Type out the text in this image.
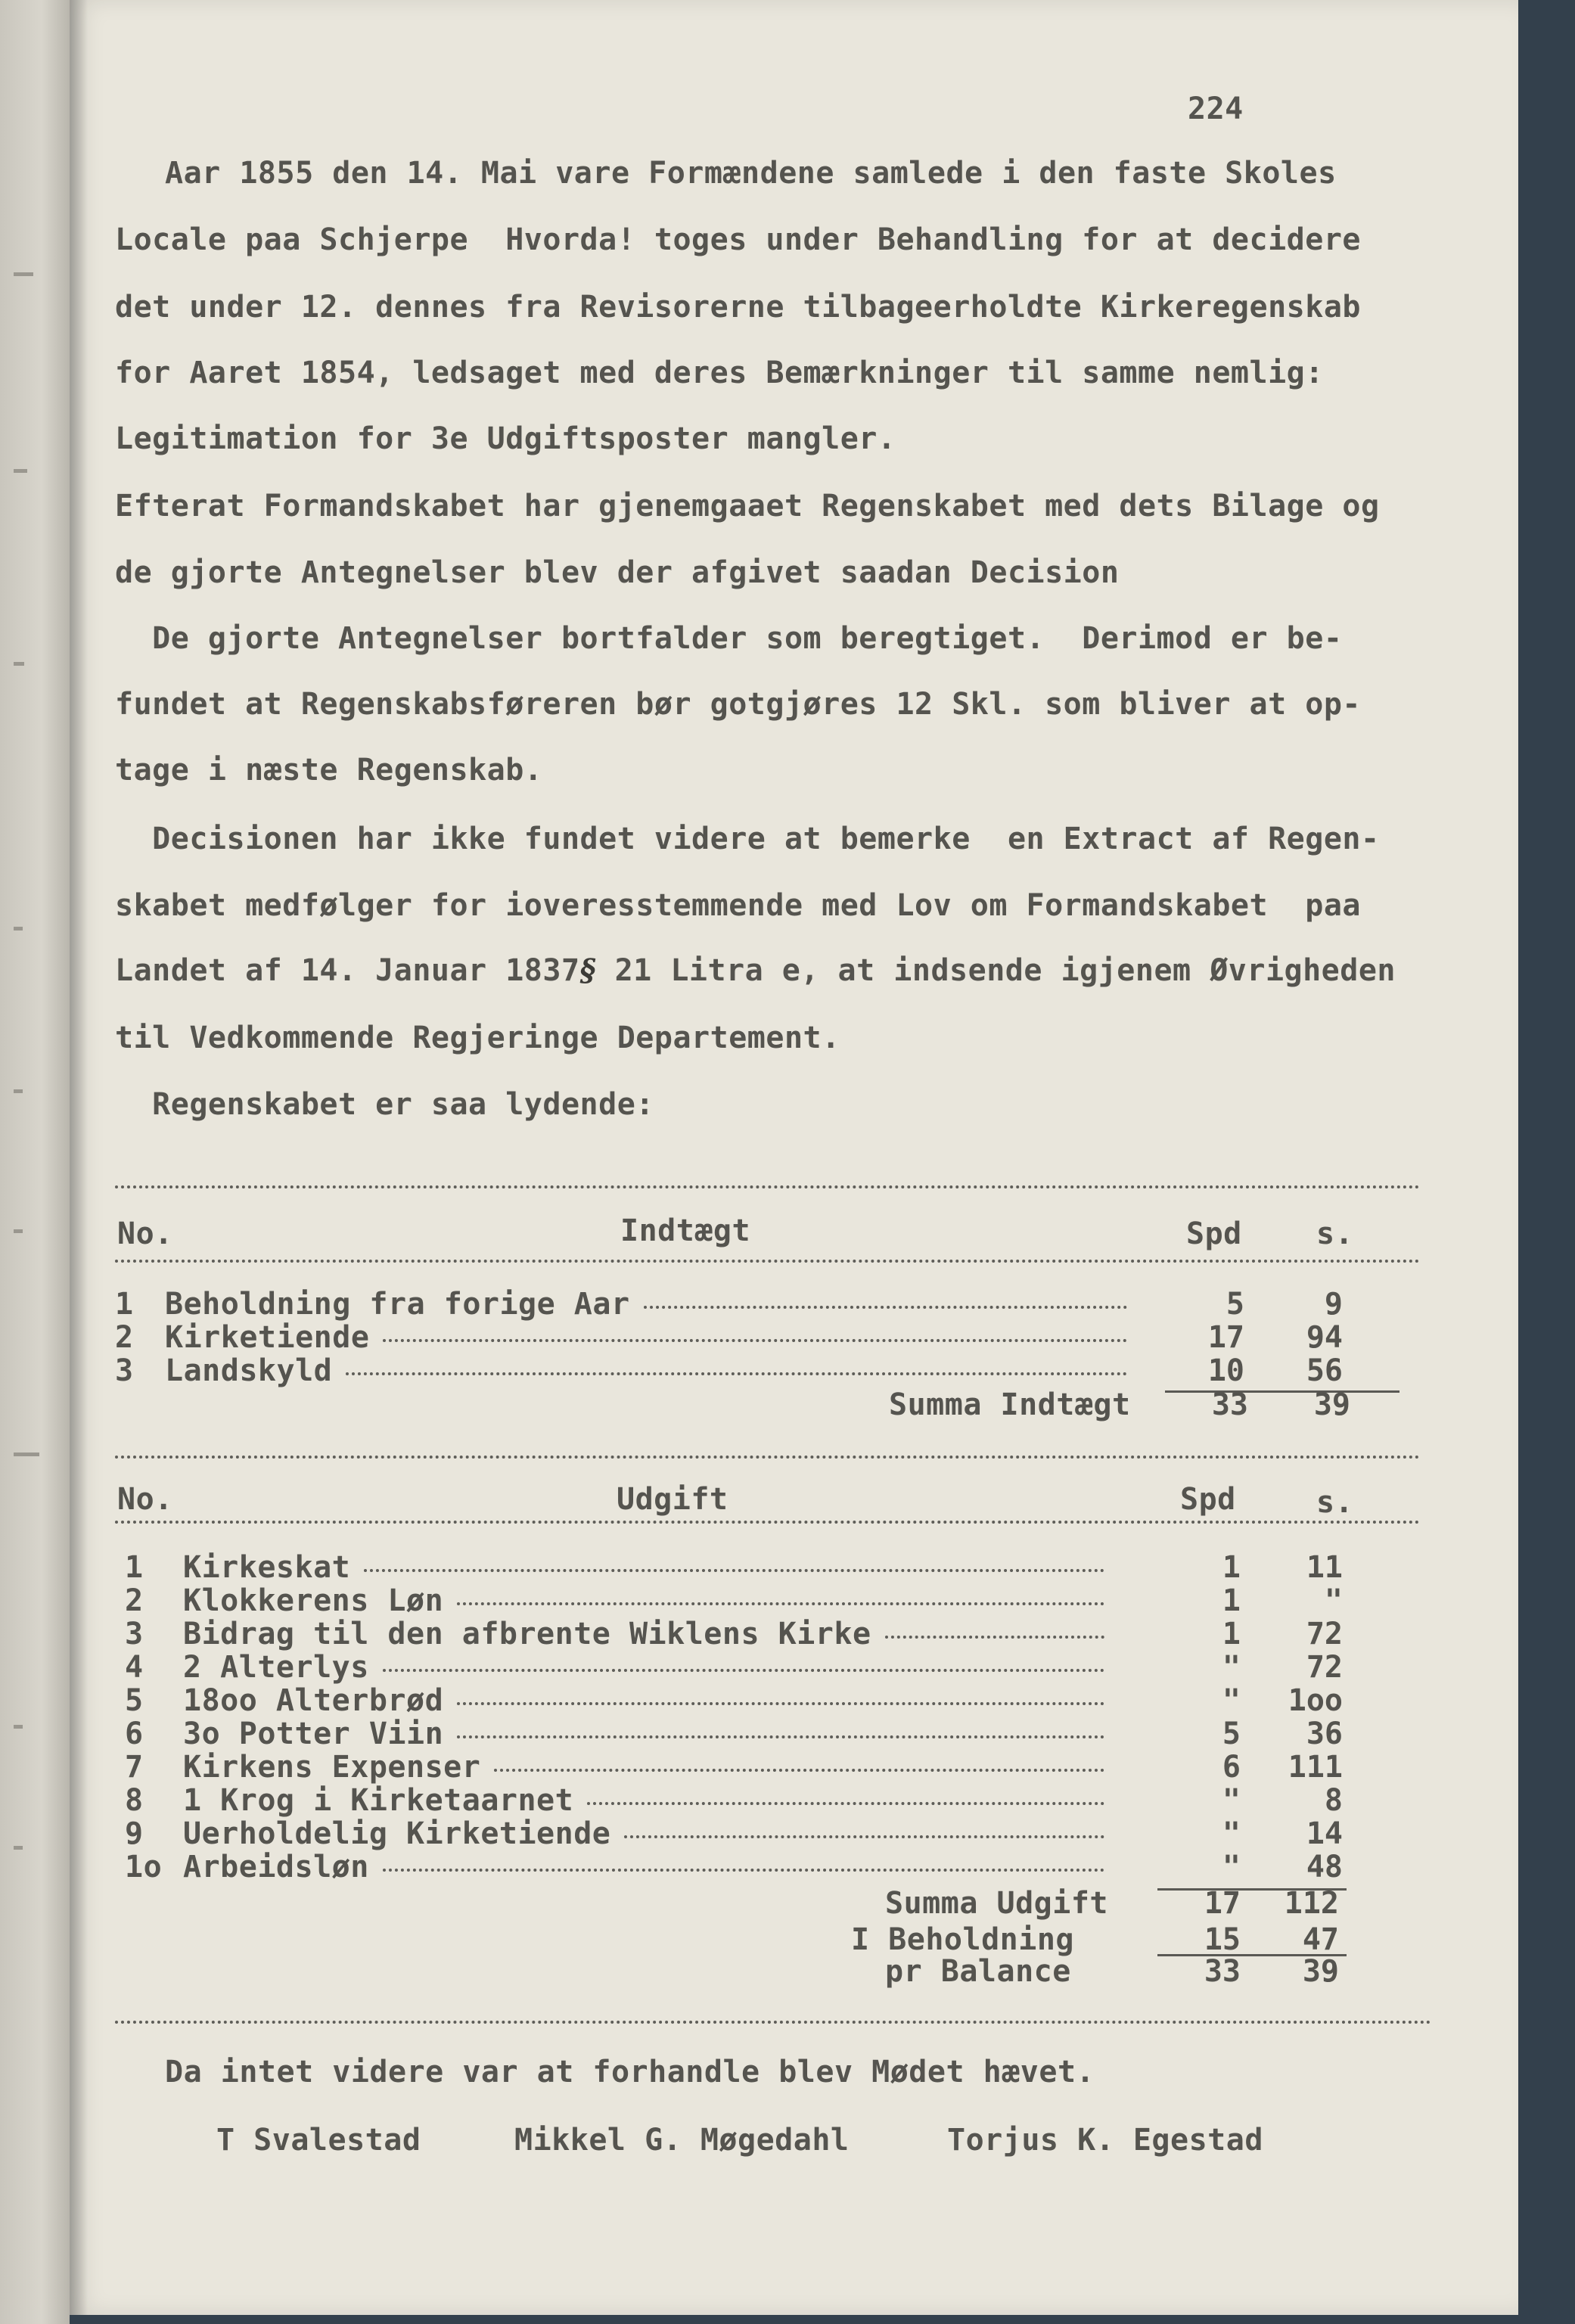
224
Aar 1855 den 14. Mai vare Formændene samlede i den faste Skoles
Locale paa Schjerpe  Hvorda! toges under Behandling for at decidere
det under 12. dennes fra Revisorerne tilbageerholdte Kirkeregenskab
for Aaret 1854, ledsaget med deres Bemærkninger til samme nemlig:
Legitimation for 3e Udgiftsposter mangler.
Efterat Formandskabet har gjenemgaaet Regenskabet med dets Bilage og
de gjorte Antegnelser blev der afgivet saadan Decision
De gjorte Antegnelser bortfalder som beregtiget.  Derimod er be-
fundet at Regenskabsføreren bør gotgjøres 12 Skl. som bliver at op-
tage i næste Regenskab.
Decisionen har ikke fundet videre at bemerke  en Extract af Regen-
skabet medfølger for ioveresstemmende med Lov om Formandskabet  paa
Landet af 14. Januar 1837§ 21 Litra e, at indsende igjenem Øvrigheden
til Vedkommende Regjeringe Departement.
Regenskabet er saa lydende:
No.	Indtægt	Spd s.
1 Beholdning fra forige Aar	5	9
2 Kirketiende	17	94
3 Landskyld	10	56
Summa Indtægt	33	39
No.	Udgift	Spd	s.
1 Kirkeskat	1	11
2 Klokkerens Løn	1	"
3 Bidrag til den afbrente Wiklens Kirke	1	72
4 2 Alterlys	"	72
5 18oo Alterbrød	"	1oo
6 3o Potter Viin	5	36
7 Kirkens Expenser	6	111
8 1 Krog i Kirketaarnet	"	8
9 Uerholdelig Kirketiende	"	14
1o Arbeidsløn	"	48
Summa Udgift	17	112
I Beholdning	15	47
pr Balance	33	39
Da intet videre var at forhandle blev Mødet hævet.
T Svalestad	Mikkel G. Møgedahl	Torjus K. Egestad
